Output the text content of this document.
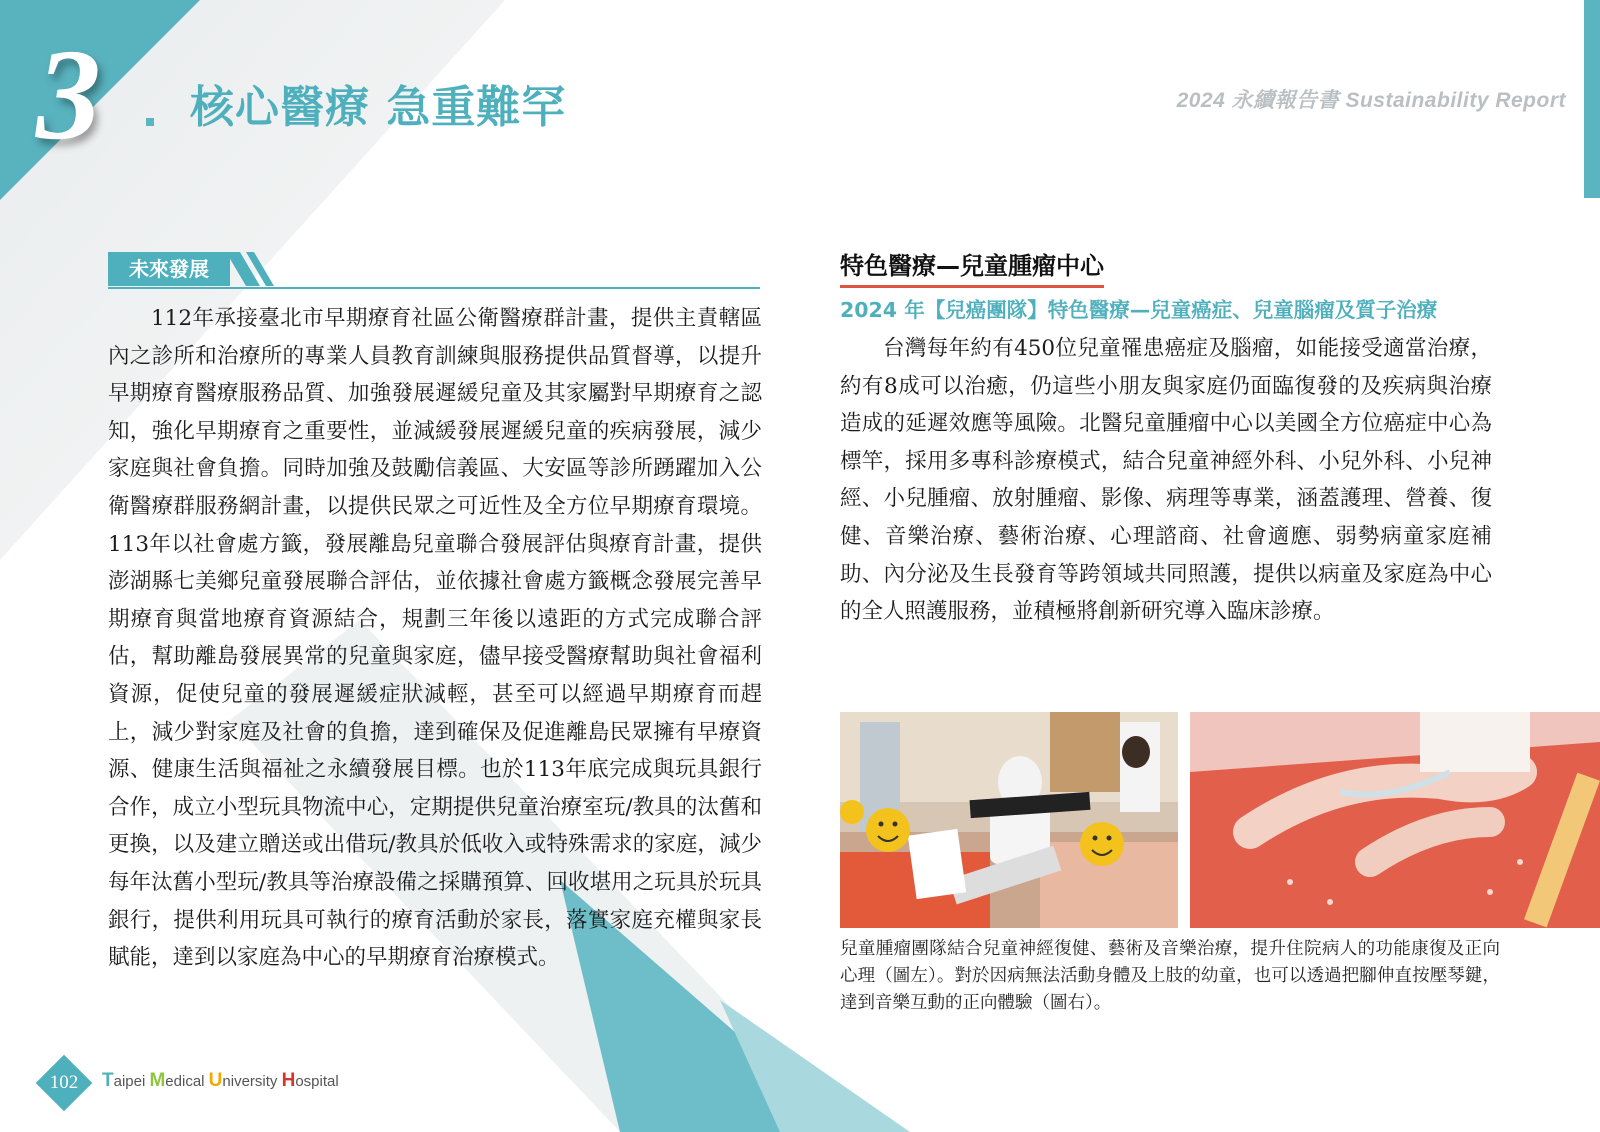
3 核心醫療 急重難罕	2024 永續報告書 Sustainability Report
未來發展

112年承接臺北市早期療育社區公衛醫療群計畫，提供主責轄區內之診所和治療所的專業人員教育訓練與服務提供品質督導，以提升早期療育醫療服務品質、加強發展遲緩兒童及其家屬對早期療育之認知，強化早期療育之重要性，並減緩發展遲緩兒童的疾病發展，減少家庭與社會負擔。同時加強及鼓勵信義區、大安區等診所踴躍加入公衛醫療群服務網計畫，以提供民眾之可近性及全方位早期療育環境。113年以社會處方籤，發展離島兒童聯合發展評估與療育計畫，提供澎湖縣七美鄉兒童發展聯合評估，並依據社會處方籤概念發展完善早期療育與當地療育資源結合，規劃三年後以遠距的方式完成聯合評估，幫助離島發展異常的兒童與家庭，儘早接受醫療幫助與社會福利資源，促使兒童的發展遲緩症狀減輕，甚至可以經過早期療育而趕上，減少對家庭及社會的負擔，達到確保及促進離島民眾擁有早療資源、健康生活與福祉之永續發展目標。也於113年底完成與玩具銀行合作，成立小型玩具物流中心，定期提供兒童治療室玩/教具的汰舊和更換，以及建立贈送或出借玩/教具於低收入或特殊需求的家庭，減少每年汰舊小型玩/教具等治療設備之採購預算、回收堪用之玩具於玩具銀行，提供利用玩具可執行的療育活動於家長，落實家庭充權與家長賦能，達到以家庭為中心的早期療育治療模式。

特色醫療—兒童腫瘤中心
2024 年【兒癌團隊】特色醫療—兒童癌症、兒童腦瘤及質子治療

台灣每年約有450位兒童罹患癌症及腦瘤，如能接受適當治療，約有8成可以治癒，仍這些小朋友與家庭仍面臨復發的及疾病與治療造成的延遲效應等風險。北醫兒童腫瘤中心以美國全方位癌症中心為標竿，採用多專科診療模式，結合兒童神經外科、小兒外科、小兒神經、小兒腫瘤、放射腫瘤、影像、病理等專業，涵蓋護理、營養、復健、音樂治療、藝術治療、心理諮商、社會適應、弱勢病童家庭補助、內分泌及生長發育等跨領域共同照護，提供以病童及家庭為中心的全人照護服務，並積極將創新研究導入臨床診療。

兒童腫瘤團隊結合兒童神經復健、藝術及音樂治療，提升住院病人的功能康復及正向心理（圖左）。對於因病無法活動身體及上肢的幼童，也可以透過把腳伸直按壓琴鍵，達到音樂互動的正向體驗（圖右）。
102	Taipei Medical University Hospital
